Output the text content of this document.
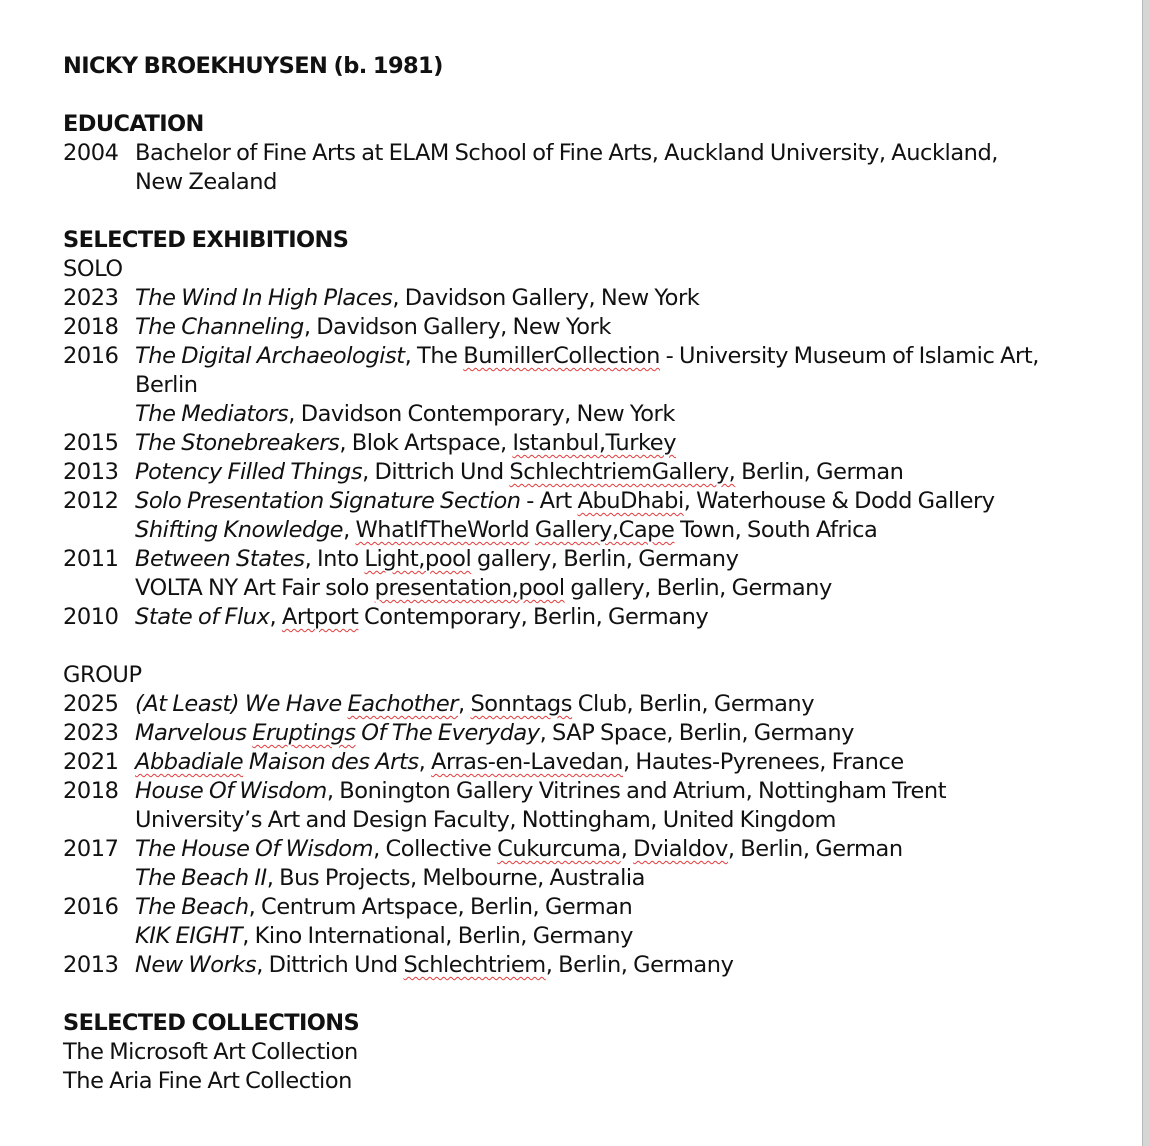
NICKY BROEKHUYSEN (b. 1981)
EDUCATION
2004 Bachelor of Fine Arts at ELAM School of Fine Arts, Auckland University, Auckland,
New Zealand
SELECTED EXHIBITIONS
SOLO
2023 The Wind In High Places, Davidson Gallery, New York
2018 The Channeling, Davidson Gallery, New York
2016 The Digital Archaeologist, The BumillerCollection - University Museum of Islamic Art,
Berlin
The Mediators, Davidson Contemporary, New York
2015 The Stonebreakers, Blok Artspace, Istanbul,Turkey
2013 Potency Filled Things, Dittrich Und SchlechtriemGallery, Berlin, German
2012 Solo Presentation Signature Section - Art AbuDhabi, Waterhouse & Dodd Gallery
Shifting Knowledge, WhatIfTheWorld Gallery,Cape Town, South Africa
2011 Between States, Into Light,pool gallery, Berlin, Germany
VOLTA NY Art Fair solo presentation,pool gallery, Berlin, Germany
2010 State of Flux, Artport Contemporary, Berlin, Germany
GROUP
2025 (At Least) We Have Eachother, Sonntags Club, Berlin, Germany
2023 Marvelous Eruptings Of The Everyday, SAP Space, Berlin, Germany
2021 Abbadiale Maison des Arts, Arras-en-Lavedan, Hautes-Pyrenees, France
2018 House Of Wisdom, Bonington Gallery Vitrines and Atrium, Nottingham Trent
University’s Art and Design Faculty, Nottingham, United Kingdom
2017 The House Of Wisdom, Collective Cukurcuma, Dvialdov, Berlin, German
The Beach II, Bus Projects, Melbourne, Australia
2016 The Beach, Centrum Artspace, Berlin, German
KIK EIGHT, Kino International, Berlin, Germany
2013 New Works, Dittrich Und Schlechtriem, Berlin, Germany
SELECTED COLLECTIONS
The Microsoft Art Collection
The Aria Fine Art Collection
